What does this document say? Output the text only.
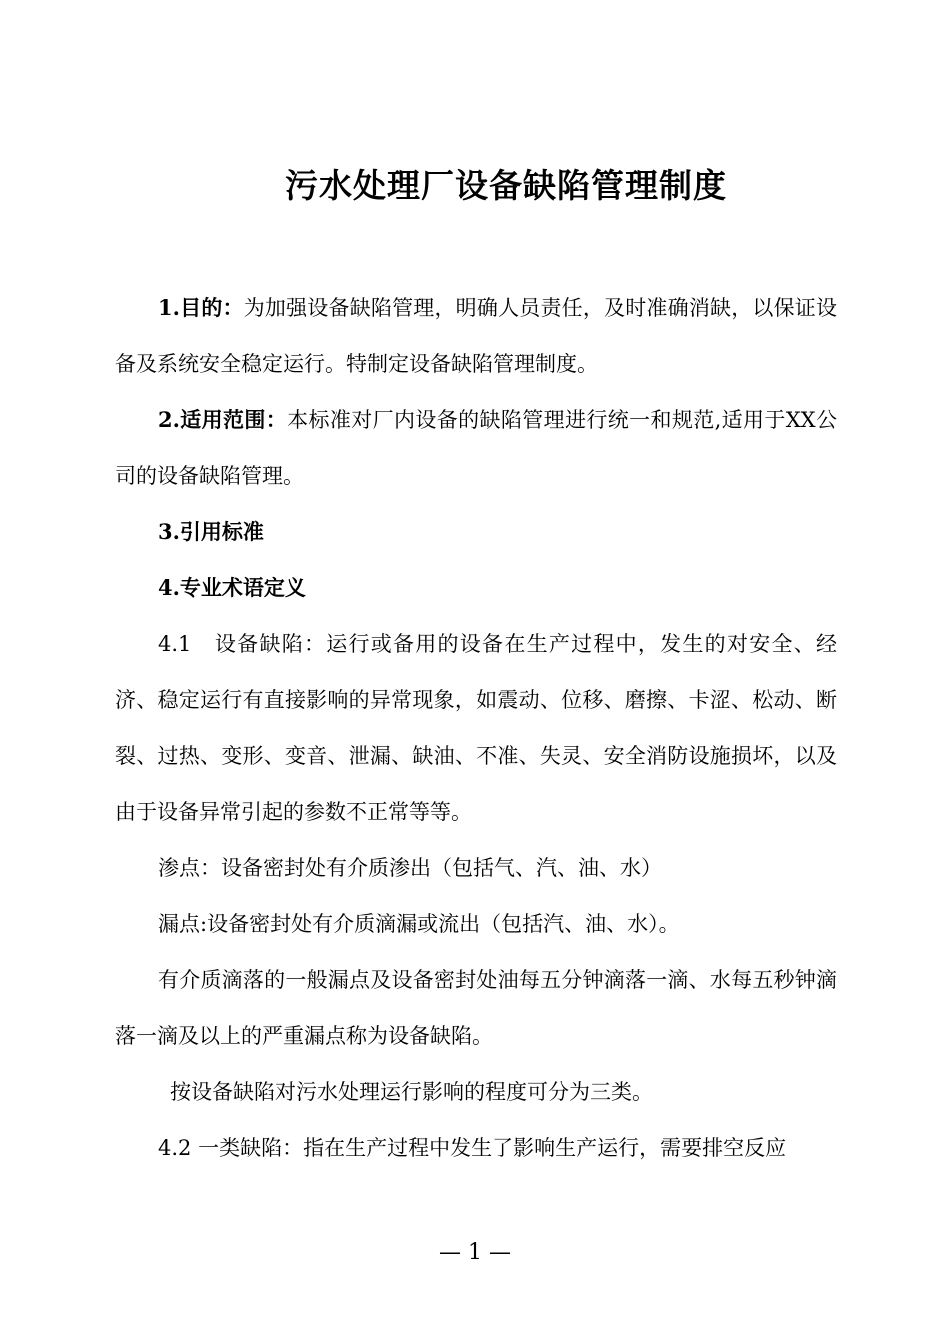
污水处理厂设备缺陷管理制度

1.目的：为加强设备缺陷管理，明确人员责任，及时准确消缺，以保证设备及系统安全稳定运行。特制定设备缺陷管理制度。

2.适用范围：本标准对厂内设备的缺陷管理进行统一和规范,适用于XX公司的设备缺陷管理。

3.引用标准

4.专业术语定义

4.1　设备缺陷：运行或备用的设备在生产过程中，发生的对安全、经济、稳定运行有直接影响的异常现象，如震动、位移、磨擦、卡涩、松动、断裂、过热、变形、变音、泄漏、缺油、不准、失灵、安全消防设施损坏，以及由于设备异常引起的参数不正常等等。

渗点：设备密封处有介质渗出（包括气、汽、油、水）

漏点:设备密封处有介质滴漏或流出（包括汽、油、水）。

有介质滴落的一般漏点及设备密封处油每五分钟滴落一滴、水每五秒钟滴落一滴及以上的严重漏点称为设备缺陷。

按设备缺陷对污水处理运行影响的程度可分为三类。

4.2 一类缺陷：指在生产过程中发生了影响生产运行，需要排空反应

— 1 —
